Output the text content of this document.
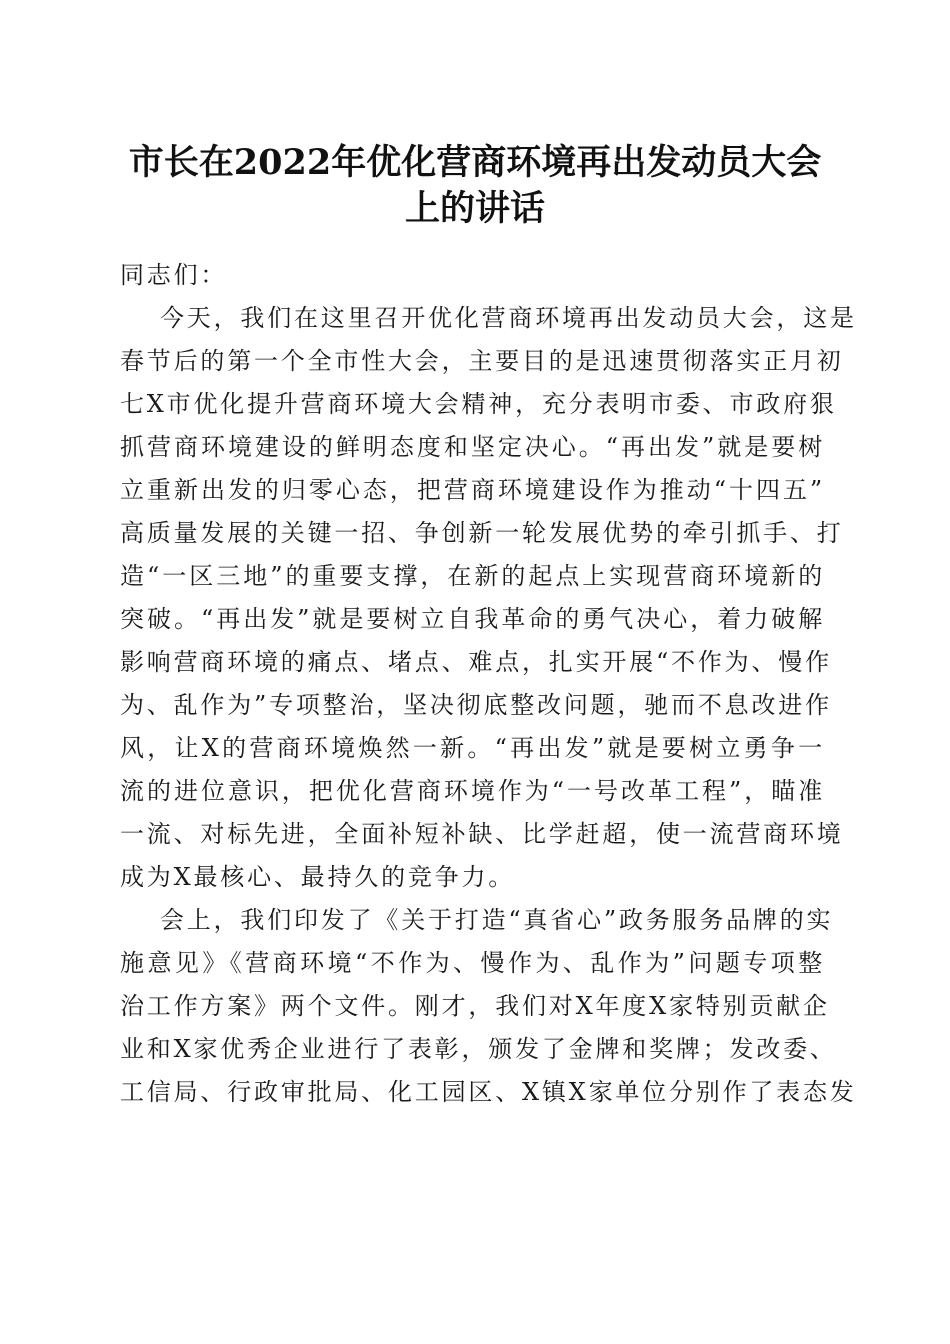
市长在2022年优化营商环境再出发动员大会
上的讲话
同志们：
今天，我们在这里召开优化营商环境再出发动员大会，这是
春节后的第一个全市性大会，主要目的是迅速贯彻落实正月初
七X市优化提升营商环境大会精神，充分表明市委、市政府狠
抓营商环境建设的鲜明态度和坚定决心。“再出发”就是要树
立重新出发的归零心态，把营商环境建设作为推动“十四五”
高质量发展的关键一招、争创新一轮发展优势的牵引抓手、打
造“一区三地”的重要支撑，在新的起点上实现营商环境新的
突破。“再出发”就是要树立自我革命的勇气决心，着力破解
影响营商环境的痛点、堵点、难点，扎实开展“不作为、慢作
为、乱作为”专项整治，坚决彻底整改问题，驰而不息改进作
风，让X的营商环境焕然一新。“再出发”就是要树立勇争一
流的进位意识，把优化营商环境作为“一号改革工程”，瞄准
一流、对标先进，全面补短补缺、比学赶超，使一流营商环境
成为X最核心、最持久的竞争力。
会上，我们印发了《关于打造“真省心”政务服务品牌的实
施意见》《营商环境“不作为、慢作为、乱作为”问题专项整
治工作方案》两个文件。刚才，我们对X年度X家特别贡献企
业和X家优秀企业进行了表彰，颁发了金牌和奖牌；发改委、
工信局、行政审批局、化工园区、X镇X家单位分别作了表态发
